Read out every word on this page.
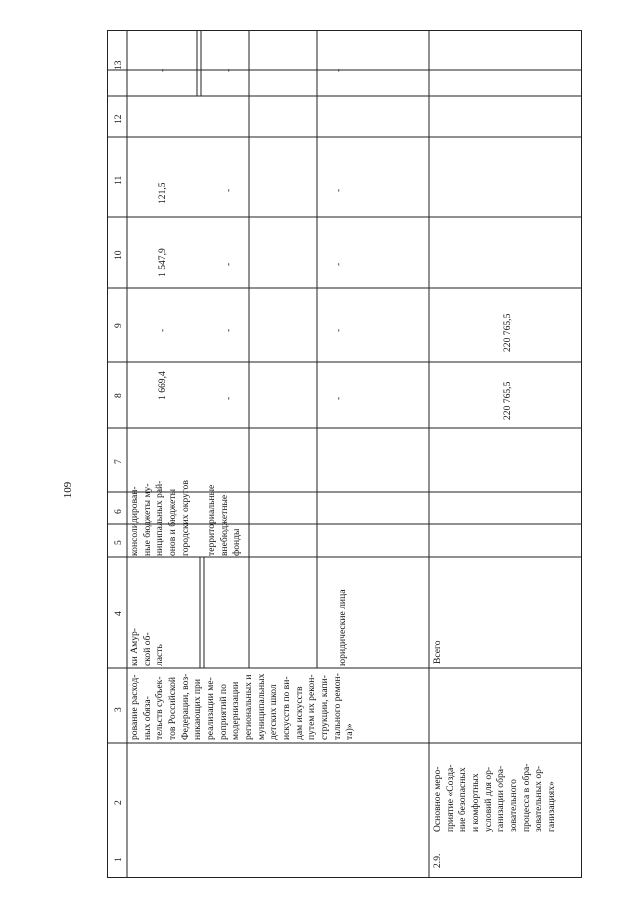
109
1
2
3
4
5
6
7
8
9
10
11
12
13
рование расход- ных обяза- тельств субъек- тов Российской Федерации, воз- никающих при реализации ме- роприятий по модернизации региональных и муниципальных детских школ искусств по ви- дам искусств путем их рекон- струкции, капи- тального ремон- та)»
ки Амур- ской об- ласть
консолидирован- ные бюджеты му- ниципальных рай- онов и бюджеты городских округов
1 669,4
-
1 547,9
121,5
-
территориальные внебюджетные фонды
-
-
-
-
-
юридические лица
-
-
-
-
-
2.9.
Основное меро- приятие «Созда- ние безопасных и комфортных условий для ор- ганизации обра- зовательного процесса в обра- зовательных ор- ганизациях»
Всего
220 765,5
220 765,5
